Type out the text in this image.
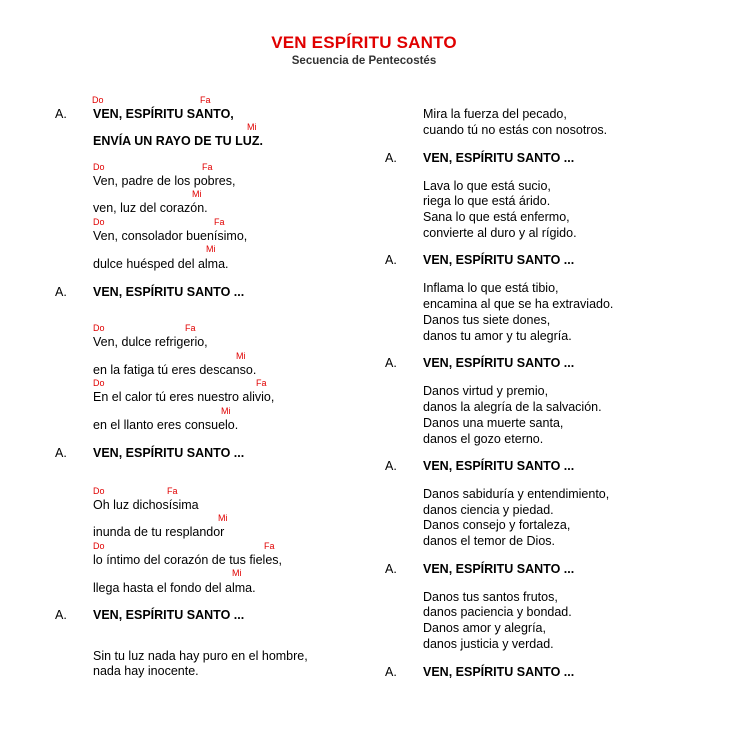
VEN ESPÍRITU SANTO
Secuencia de Pentecostés
Do	Fa
A. VEN, ESPÍRITU SANTO,
Mi
ENVÍA UN RAYO DE TU LUZ.
Do	Fa
Ven, padre de los pobres,
Mi
ven, luz del corazón.
Do	Fa
Ven, consolador buenísimo,
Mi
dulce huésped del alma.
A. VEN, ESPÍRITU SANTO ...
Do	Fa
Ven, dulce refrigerio,
Mi
en la fatiga tú eres descanso.
Do	Fa
En el calor tú eres nuestro alivio,
Mi
en el llanto eres consuelo.
A. VEN, ESPÍRITU SANTO ...
Do	Fa
Oh luz dichosísima
Mi
inunda de tu resplandor
Do	Fa
lo íntimo del corazón de tus fieles,
Mi
llega hasta el fondo del alma.
A. VEN, ESPÍRITU SANTO ...
Sin tu luz nada hay puro en el hombre,
nada hay inocente.
Mira la fuerza del pecado,
cuando tú no estás con nosotros.
A. VEN, ESPÍRITU SANTO ...
Lava lo que está sucio,
riega lo que está árido.
Sana lo que está enfermo,
convierte al duro y al rígido.
A. VEN, ESPÍRITU SANTO ...
Inflama lo que está tibio,
encamina al que se ha extraviado.
Danos tus siete dones,
danos tu amor y tu alegría.
A. VEN, ESPÍRITU SANTO ...
Danos virtud y premio,
danos la alegría de la salvación.
Danos una muerte santa,
danos el gozo eterno.
A. VEN, ESPÍRITU SANTO ...
Danos sabiduría y entendimiento,
danos ciencia y piedad.
Danos consejo y fortaleza,
danos el temor de Dios.
A. VEN, ESPÍRITU SANTO ...
Danos tus santos frutos,
danos paciencia y bondad.
Danos amor y alegría,
danos justicia y verdad.
A. VEN, ESPÍRITU SANTO ...
